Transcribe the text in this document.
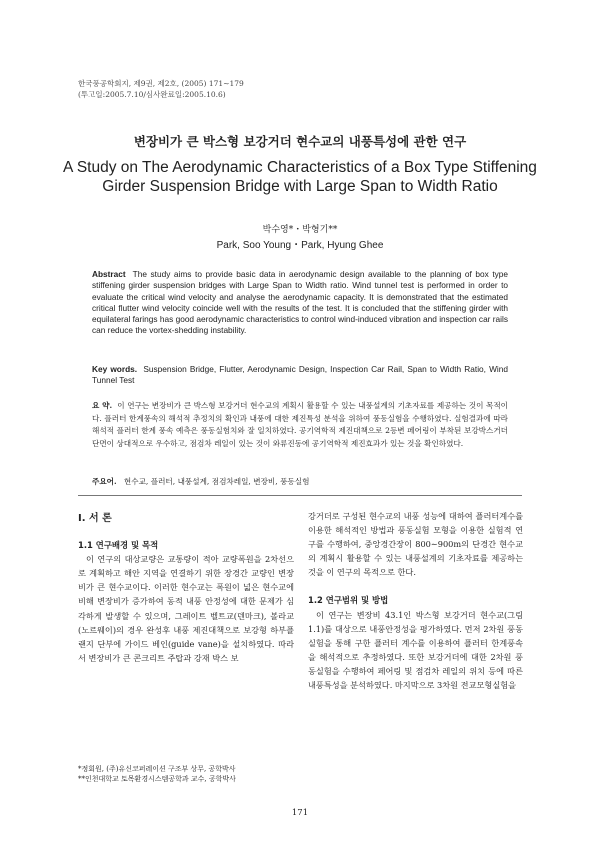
한국풍공학회지, 제9권, 제2호, (2005) 171∼179
(투고일:2005.7.10/심사완료일:2005.10.6)
변장비가 큰 박스형 보강거더 현수교의 내풍특성에 관한 연구
A Study on The Aerodynamic Characteristics of a Box Type Stiffening Girder Suspension Bridge with Large Span to Width Ratio
박수영*・박형기**
Park, Soo Young・Park, Hyung Ghee
Abstract The study aims to provide basic data in aerodynamic design available to the planning of box type stiffening girder suspension bridges with Large Span to Width ratio. Wind tunnel test is performed in order to evaluate the critical wind velocity and analyse the aerodynamic capacity. It is demonstrated that the estimated critical flutter wind velocity coincide well with the results of the test. It is concluded that the stiffening girder with equilateral farings has good aerodynamic characteristics to control wind-induced vibration and inspection car rails can reduce the vortex-shedding instability.
Key words. Suspension Bridge, Flutter, Aerodynamic Design, Inspection Car Rail, Span to Width Ratio, Wind Tunnel Test
요 약. 이 연구는 변장비가 큰 박스형 보강거더 현수교의 계획시 활용할 수 있는 내풍설계의 기초자료를 제공하는 것이 목적이다. 플러터 한계풍속의 해석적 추정치의 확인과 내풍에 대한 제진특성 분석을 위하여 풍동실험을 수행하였다. 실험결과에 따라 해석적 플러터 한계 풍속 예측은 풍동실험치와 잘 일치하였다. 공기역학적 제진대책으로 2등변 페어링이 부착된 보강박스거더 단면이 상대적으로 우수하고, 점검차 레일이 있는 것이 와류진동에 공기역학적 제진효과가 있는 것을 확인하였다.
주요어. 현수교, 플러터, 내풍설계, 점검차레일, 변장비, 풍동실험
I. 서 론
1.1 연구배경 및 목적
이 연구의 대상교량은 교통량이 적아 교량폭원을 2차선으로 계획하고 해안 지역을 연결하기 위한 장경간 교량인 변장비가 큰 현수교이다. 이러한 현수교는 폭원이 넓은 현수교에 비해 변장비가 증가하여 동적 내풍 안정성에 대한 문제가 심각하게 발생할 수 있으며, 그레이트 벨트교(덴마크), 볼라교(노르웨이)의 경우 완성후 내풍 제진대책으로 보강형 하부플랜지 단부에 가이드 베인(guide vane)을 설치하였다. 따라서 변장비가 큰 콘크리트 주탑과 강재 박스 보
강거더로 구성된 현수교의 내풍 성능에 대하여 플러터계수를 이용한 해석적인 방법과 풍동실험 모형을 이용한 실험적 연구를 수행하여, 중앙경간장이 800∼900m의 단경간 현수교의 계획시 활용할 수 있는 내풍설계의 기초자료를 제공하는 것을 이 연구의 목적으로 한다.
1.2 연구범위 및 방법
이 연구는 변장비 43.1인 박스형 보강거더 현수교(그림 1.1)를 대상으로 내풍안정성을 평가하였다. 먼저 2차원 풍동실험을 통해 구한 플러터 계수를 이용하여 플러터 한계풍속을 해석적으로 추정하였다. 또한 보강거더에 대한 2차원 풍동실험을 수행하여 페어링 및 점검차 레일의 위치 등에 따른 내풍특성을 분석하였다. 마지막으로 3차원 전교모형실험을
*정회원, (주)유신코퍼레이션 구조부 상무, 공학박사
**인천대학교 토목환경시스템공학과 교수, 공학박사
171
